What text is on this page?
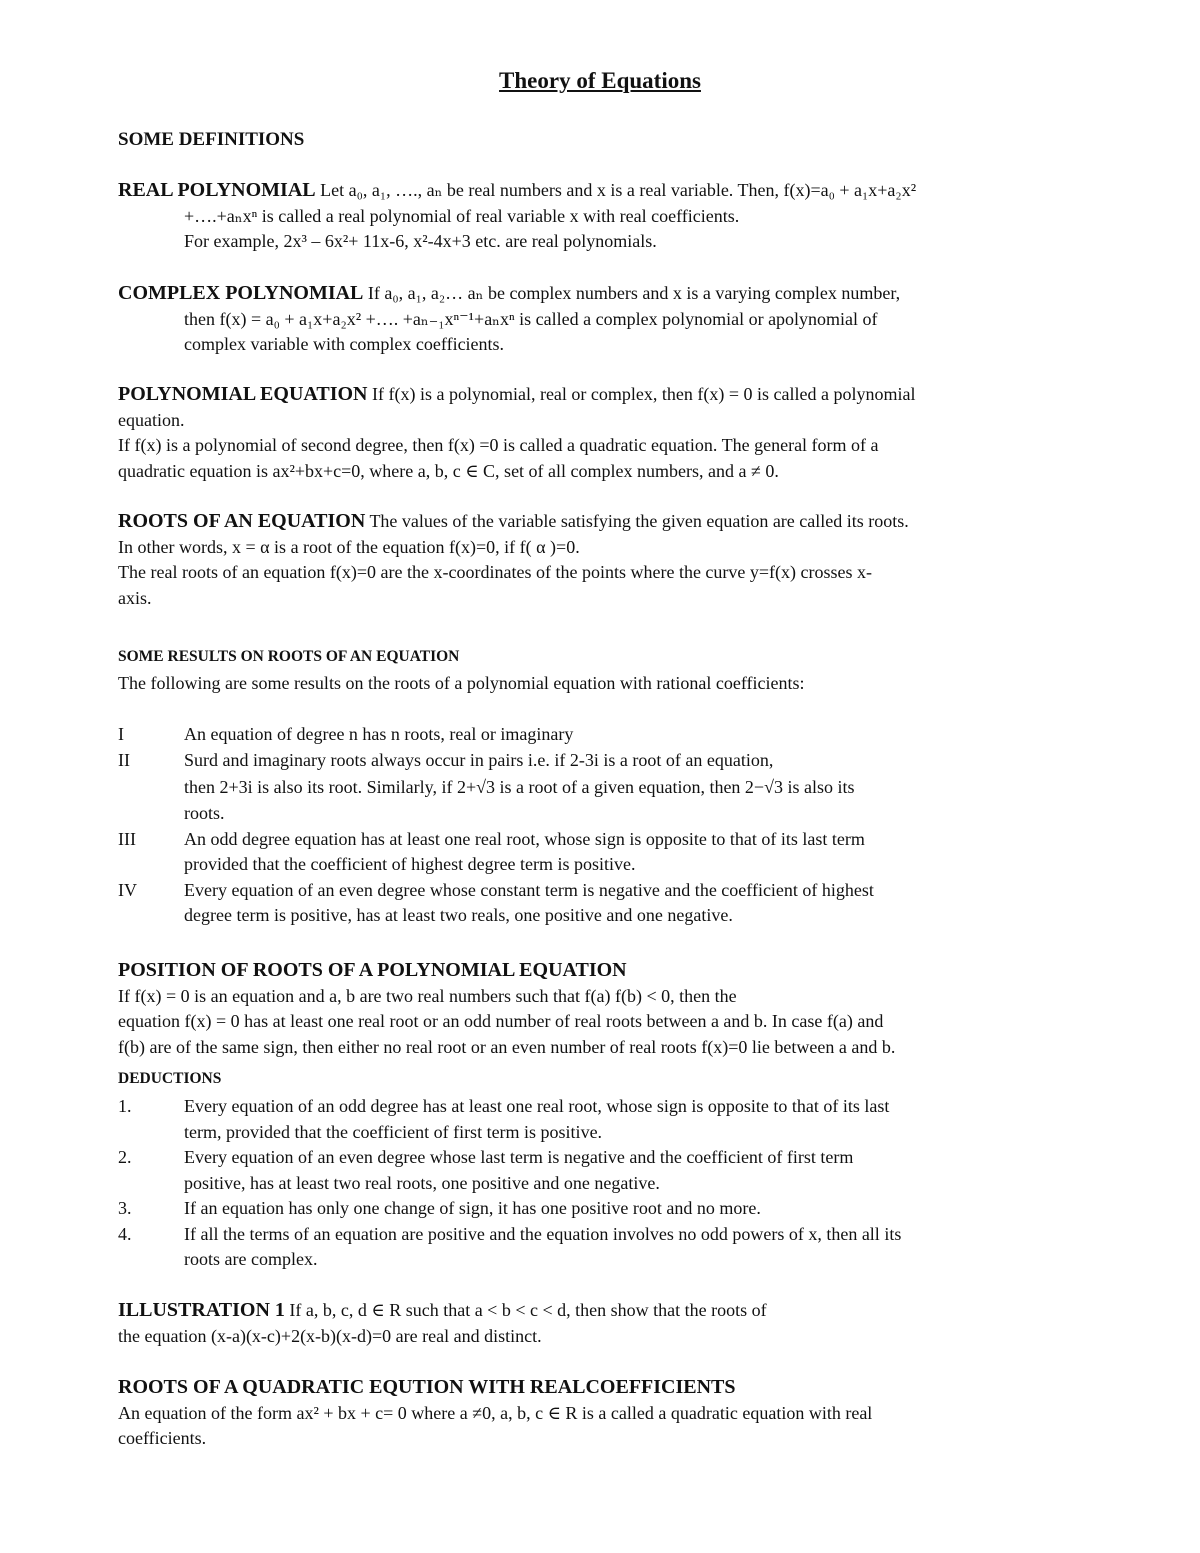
Theory of Equations

SOME DEFINITIONS

REAL POLYNOMIAL Let a₀, a₁, …., aₙ be real numbers and x is a real variable. Then, f(x)=a₀ + a₁x+a₂x²
+….+aₙxⁿ is called a real polynomial of real variable x with real coefficients.
For example, 2x³ – 6x²+ 11x-6, x²-4x+3 etc. are real polynomials.
COMPLEX POLYNOMIAL If a₀, a₁, a₂… aₙ be complex numbers and x is a varying complex number,
then f(x) = a₀ + a₁x+a₂x² +…. +aₙ₋₁xⁿ⁻¹+aₙxⁿ is called a complex polynomial or apolynomial of
complex variable with complex coefficients.
POLYNOMIAL EQUATION If f(x) is a polynomial, real or complex, then f(x) = 0 is called a polynomial
equation.
If f(x) is a polynomial of second degree, then f(x) =0 is called a quadratic equation. The general form of a
quadratic equation is ax²+bx+c=0, where a, b, c ∈ C, set of all complex numbers, and a ≠ 0.
ROOTS OF AN EQUATION The values of the variable satisfying the given equation are called its roots.
In other words, x = α is a root of the equation f(x)=0, if f( α )=0.
The real roots of an equation f(x)=0 are the x-coordinates of the points where the curve y=f(x) crosses x-
axis.
SOME RESULTS ON ROOTS OF AN EQUATION
The following are some results on the roots of a polynomial equation with rational coefficients:
I	An equation of degree n has n roots, real or imaginary
II	Surd and imaginary roots always occur in pairs i.e. if 2-3i is a root of an equation,
then 2+3i is also its root. Similarly, if 2+√3 is a root of a given equation, then 2−√3 is also its
roots.
III	An odd degree equation has at least one real root, whose sign is opposite to that of its last term
provided that the coefficient of highest degree term is positive.
IV	Every equation of an even degree whose constant term is negative and the coefficient of highest
degree term is positive, has at least two reals, one positive and one negative.
POSITION OF ROOTS OF A POLYNOMIAL EQUATION
If f(x) = 0 is an equation and a, b are two real numbers such that f(a) f(b) < 0, then the
equation f(x) = 0 has at least one real root or an odd number of real roots between a and b. In case f(a) and
f(b) are of the same sign, then either no real root or an even number of real roots f(x)=0 lie between a and b.
DEDUCTIONS
1.	Every equation of an odd degree has at least one real root, whose sign is opposite to that of its last
term, provided that the coefficient of first term is positive.
2.	Every equation of an even degree whose last term is negative and the coefficient of first term
positive, has at least two real roots, one positive and one negative.
3.	If an equation has only one change of sign, it has one positive root and no more.
4.	If all the terms of an equation are positive and the equation involves no odd powers of x, then all its
roots are complex.
ILLUSTRATION 1 If a, b, c, d ∈ R such that a < b < c < d, then show that the roots of
the equation (x-a)(x-c)+2(x-b)(x-d)=0 are real and distinct.
ROOTS OF A QUADRATIC EQUTION WITH REALCOEFFICIENTS
An equation of the form ax² + bx + c= 0 where a ≠0, a, b, c ∈ R is a called a quadratic equation with real
coefficients.
